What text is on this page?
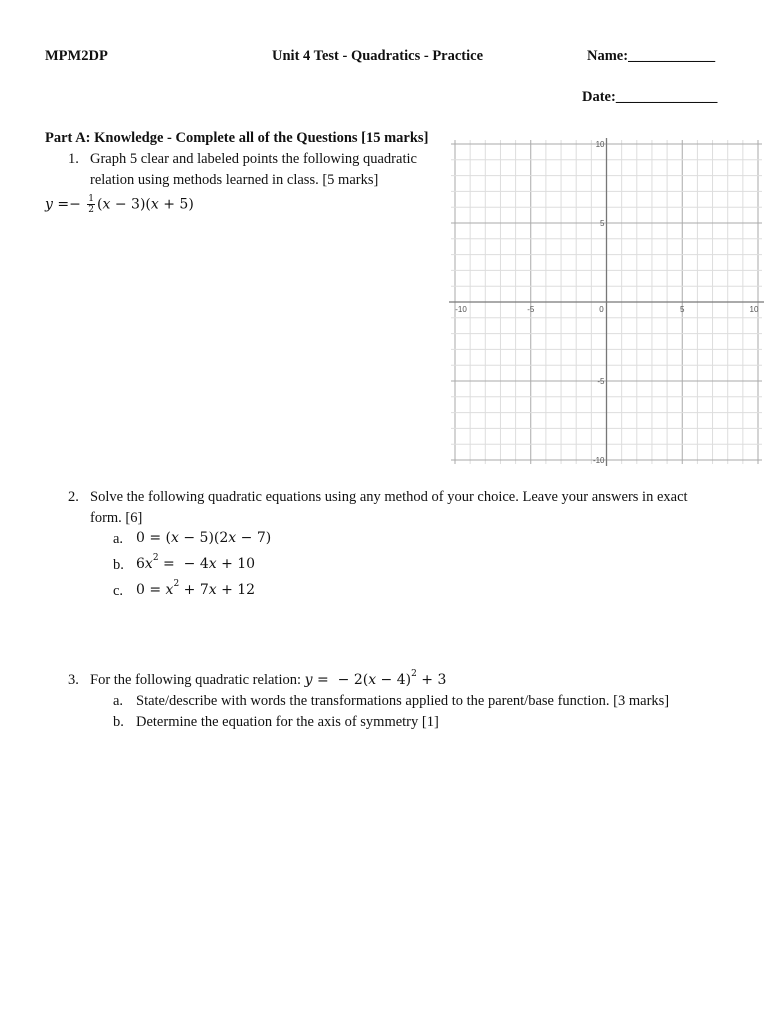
MPM2DP	Unit 4 Test - Quadratics - Practice	Name:____________
Date:______________
Part A: Knowledge - Complete all of the Questions [15 marks]
1. Graph 5 clear and labeled points the following quadratic
relation using methods learned in class. [5 marks]
$y =- \frac{1}{2} (x - 3)(x + 5)$
-10	-5	0	5	10
10
5
-5
-10
2. Solve the following quadratic equations using any method of your choice. Leave your answers in exact
form. [6]
a. 0 = (x − 5)(2x − 7)
b. $6x^2$ =  − 4x + 10
c. $0 = x^2 + 7x + 12$
3. For the following quadratic relation: y =  − $2(x - 4)^2 + 3$
a. State/describe with words the transformations applied to the parent/base function. [3 marks]
b. Determine the equation for the axis of symmetry [1]
